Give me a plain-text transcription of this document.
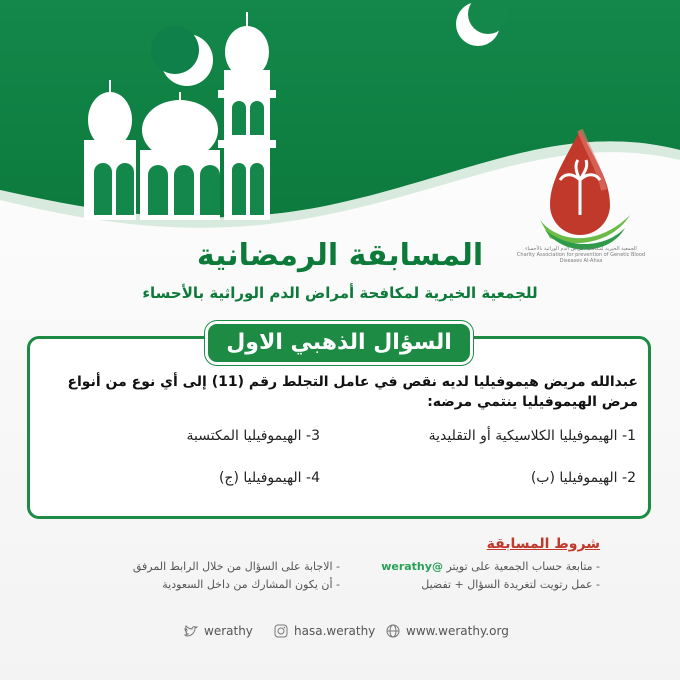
الجمعية الخيرية لمكافحة أمراض الدم الوراثية بالأحساء
Charity Association for prevention of Genetic Blood Diseases Al-Ahsa
المسابقة الرمضانية
للجمعية الخيرية لمكافحة أمراض الدم الوراثية بالأحساء
السؤال الذهبي الاول
عبدالله مريض هيموفيليا لديه نقص في عامل التجلط رقم (11) إلى أي نوع من أنواع مرض الهيموفيليا ينتمي مرضه:
1- الهيموفيليا الكلاسيكية أو التقليدية
2- الهيموفيليا (ب)
3- الهيموفيليا المكتسبة
4- الهيموفيليا (ج)
شروط المسابقة
- متابعة حساب الجمعية على تويتر @werathy
- عمل رتويت لتغريدة السؤال + تفضيل
- الاجابة على السؤال من خلال الرابط المرفق
- أن يكون المشارك من داخل السعودية
werathy	hasa.werathy	www.werathy.org
